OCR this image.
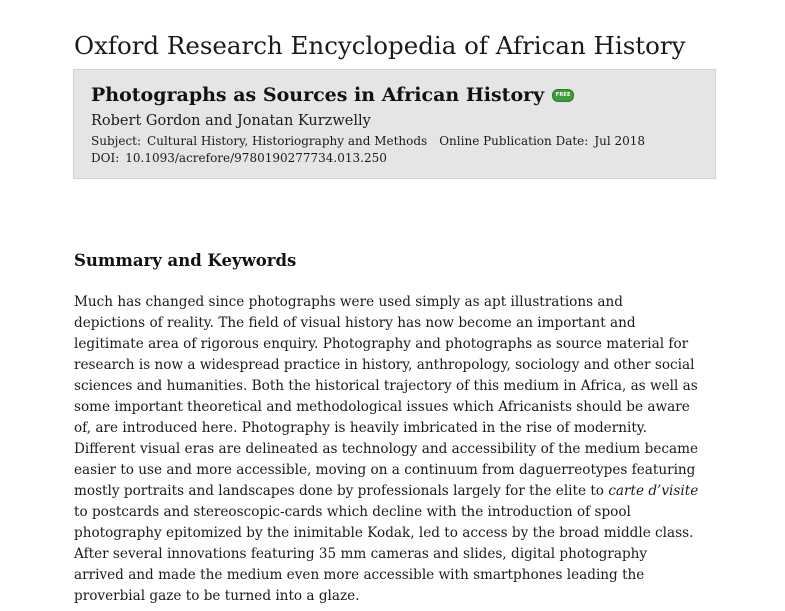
Oxford Research Encyclopedia of African History
Photographs as Sources in African History	FREE
Robert Gordon and Jonatan Kurzwelly
Subject: Cultural History, Historiography and Methods Online Publication Date: Jul 2018
DOI: 10.1093/acrefore/9780190277734.013.250
Summary and Keywords
Much has changed since photographs were used simply as apt illustrations and
depictions of reality. The field of visual history has now become an important and
legitimate area of rigorous enquiry. Photography and photographs as source material for
research is now a widespread practice in history, anthropology, sociology and other social
sciences and humanities. Both the historical trajectory of this medium in Africa, as well as
some important theoretical and methodological issues which Africanists should be aware
of, are introduced here. Photography is heavily imbricated in the rise of modernity.
Different visual eras are delineated as technology and accessibility of the medium became
easier to use and more accessible, moving on a continuum from daguerreotypes featuring
mostly portraits and landscapes done by professionals largely for the elite to carte d’visite
to postcards and stereoscopic-cards which decline with the introduction of spool
photography epitomized by the inimitable Kodak, led to access by the broad middle class.
After several innovations featuring 35 mm cameras and slides, digital photography
arrived and made the medium even more accessible with smartphones leading the
proverbial gaze to be turned into a glaze.
